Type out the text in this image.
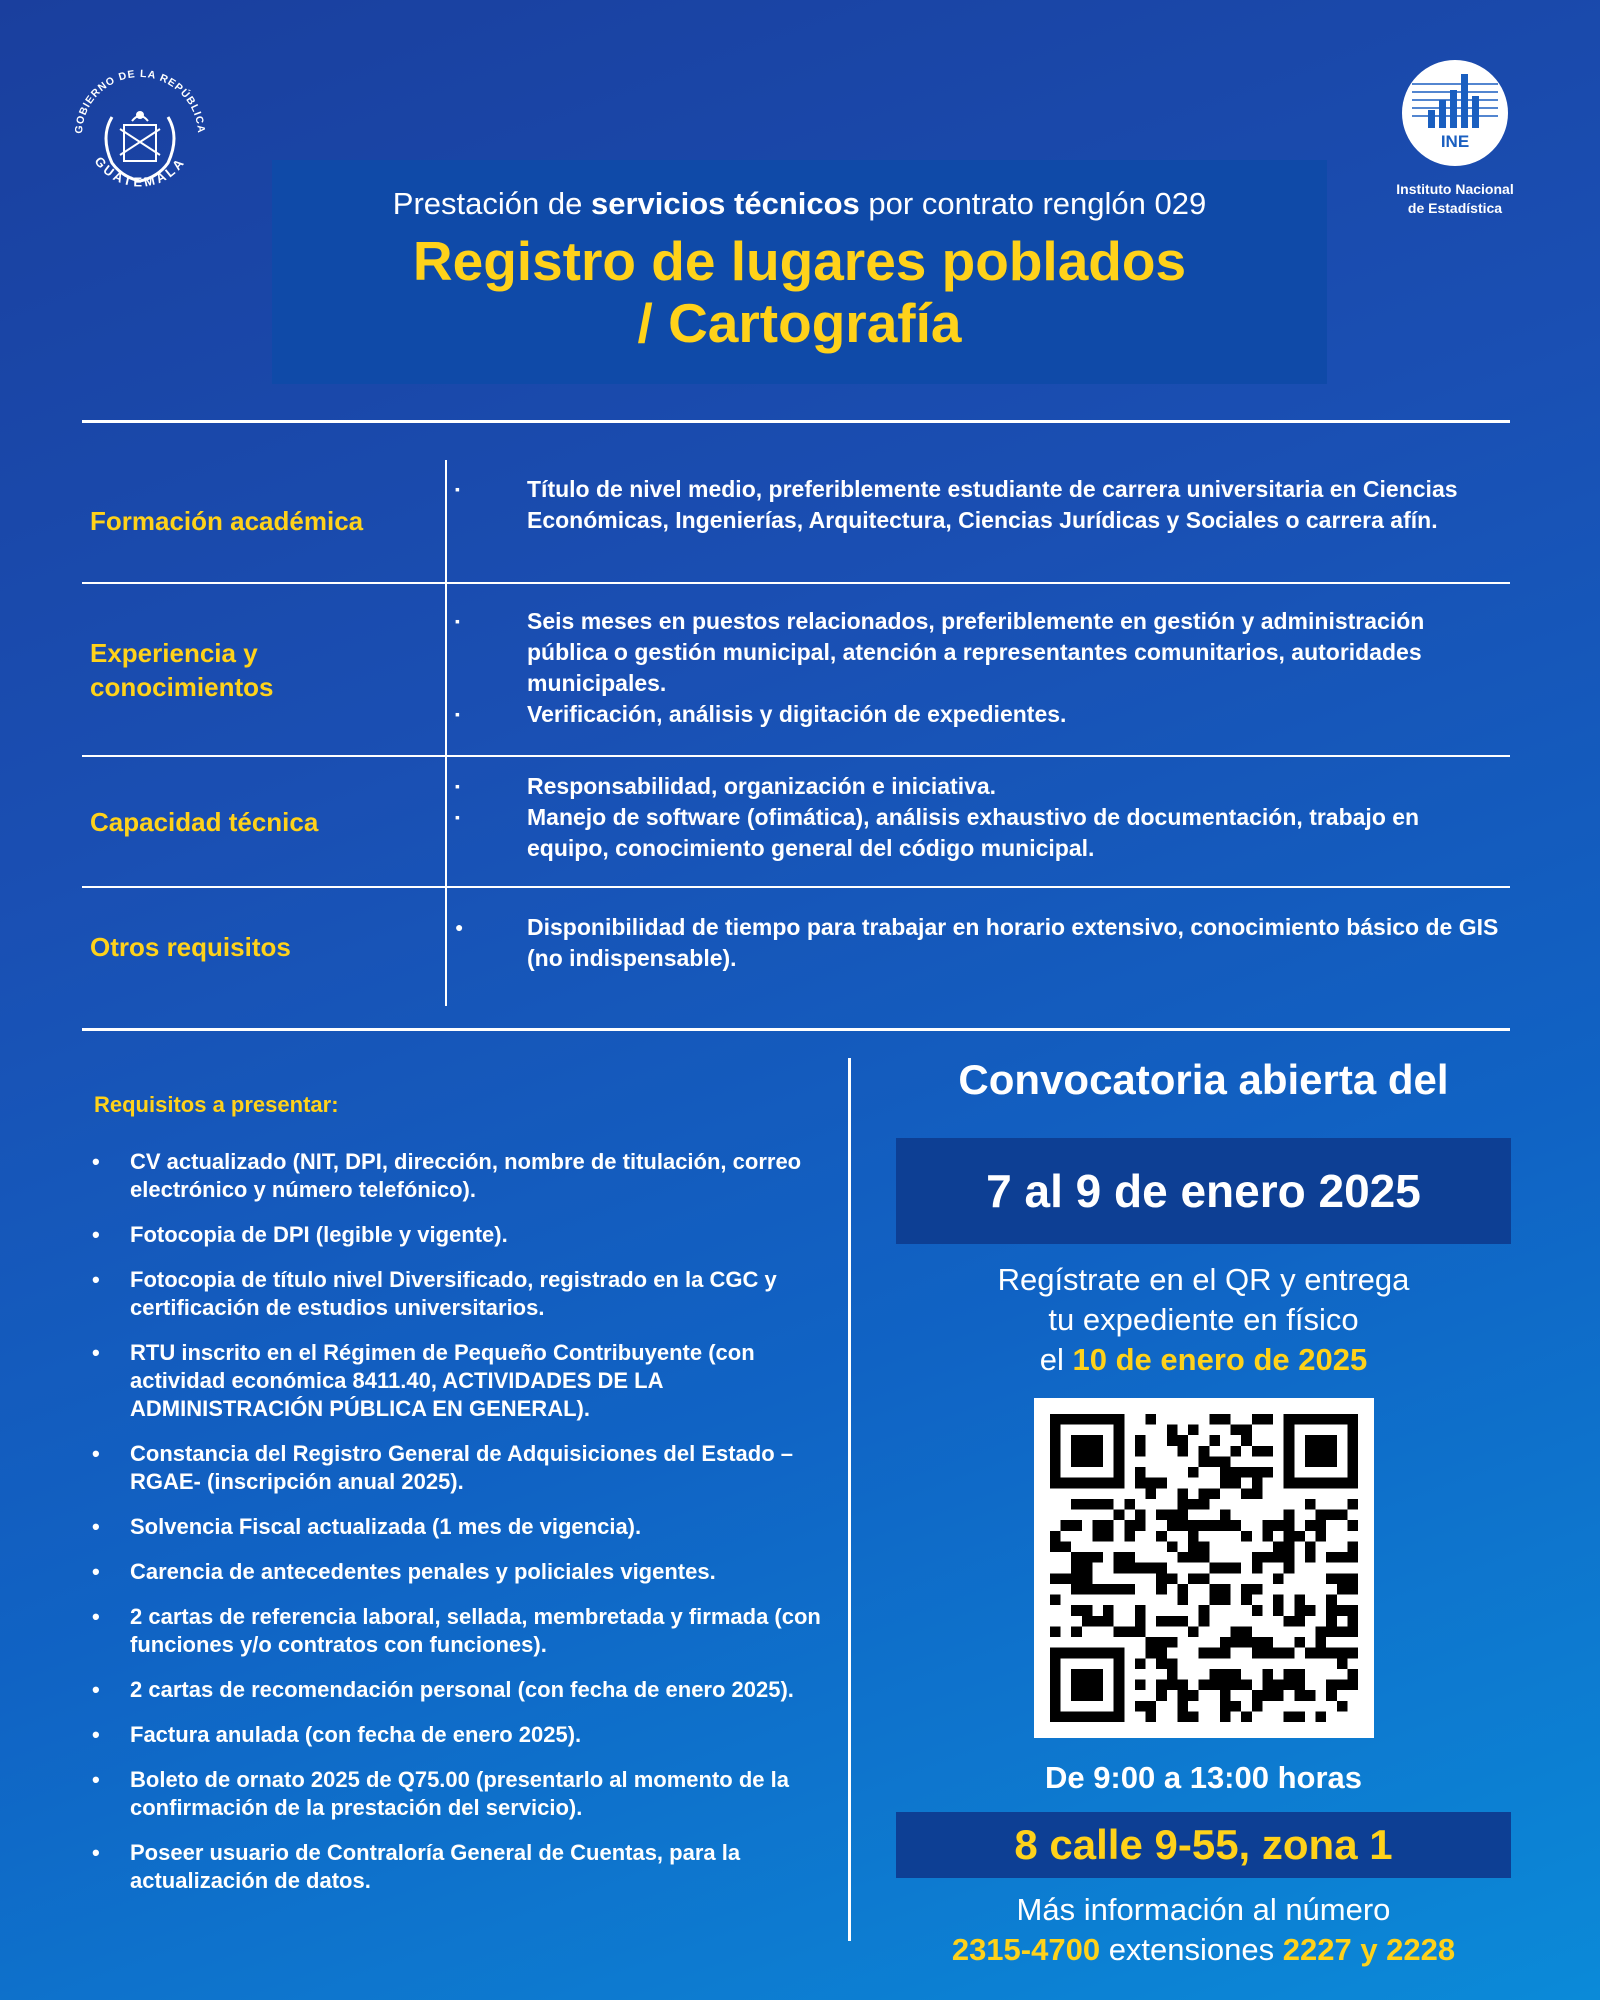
GOBIERNO DE LA REPÚBLICA
GUATEMALA
INE
Instituto Nacional
de Estadística
Prestación de servicios técnicos por contrato renglón 029
Registro de lugares poblados
/ Cartografía
Formación académica
▪	Título de nivel medio, preferiblemente estudiante de carrera universitaria en Ciencias Económicas, Ingenierías, Arquitectura, Ciencias Jurídicas y Sociales o carrera afín.
Experiencia y conocimientos
▪	Seis meses en puestos relacionados, preferiblemente en gestión y administración pública o gestión municipal, atención a representantes comunitarios, autoridades municipales.
▪	Verificación, análisis y digitación de expedientes.
Capacidad técnica
▪	Responsabilidad, organización e iniciativa.
▪	Manejo de software (ofimática), análisis exhaustivo de documentación, trabajo en equipo, conocimiento general del código municipal.
Otros requisitos
●	Disponibilidad de tiempo para trabajar en horario extensivo, conocimiento básico de GIS (no indispensable).
Requisitos a presentar:
•	CV actualizado (NIT, DPI, dirección, nombre de titulación, correo electrónico y número telefónico).
•	Fotocopia de DPI (legible y vigente).
•	Fotocopia de título nivel Diversificado, registrado en la CGC y certificación de estudios universitarios.
•	RTU inscrito en el Régimen de Pequeño Contribuyente (con actividad económica 8411.40, ACTIVIDADES DE LA ADMINISTRACIÓN PÚBLICA EN GENERAL).
•	Constancia del Registro General de Adquisiciones del Estado –RGAE- (inscripción anual 2025).
•	Solvencia Fiscal actualizada (1 mes de vigencia).
•	Carencia de antecedentes penales y policiales vigentes.
•	2 cartas de referencia laboral, sellada, membretada y firmada (con funciones y/o contratos con funciones).
•	2 cartas de recomendación personal (con fecha de enero 2025).
•	Factura anulada (con fecha de enero 2025).
•	Boleto de ornato 2025 de Q75.00 (presentarlo al momento de la confirmación de la prestación del servicio).
•	Poseer usuario de Contraloría General de Cuentas, para la actualización de datos.
Convocatoria abierta del
7 al 9 de enero 2025
Regístrate en el QR y entrega
tu expediente en físico
el 10 de enero de 2025
De 9:00 a 13:00 horas
8 calle 9-55, zona 1
Más información al número
2315-4700 extensiones 2227 y 2228
